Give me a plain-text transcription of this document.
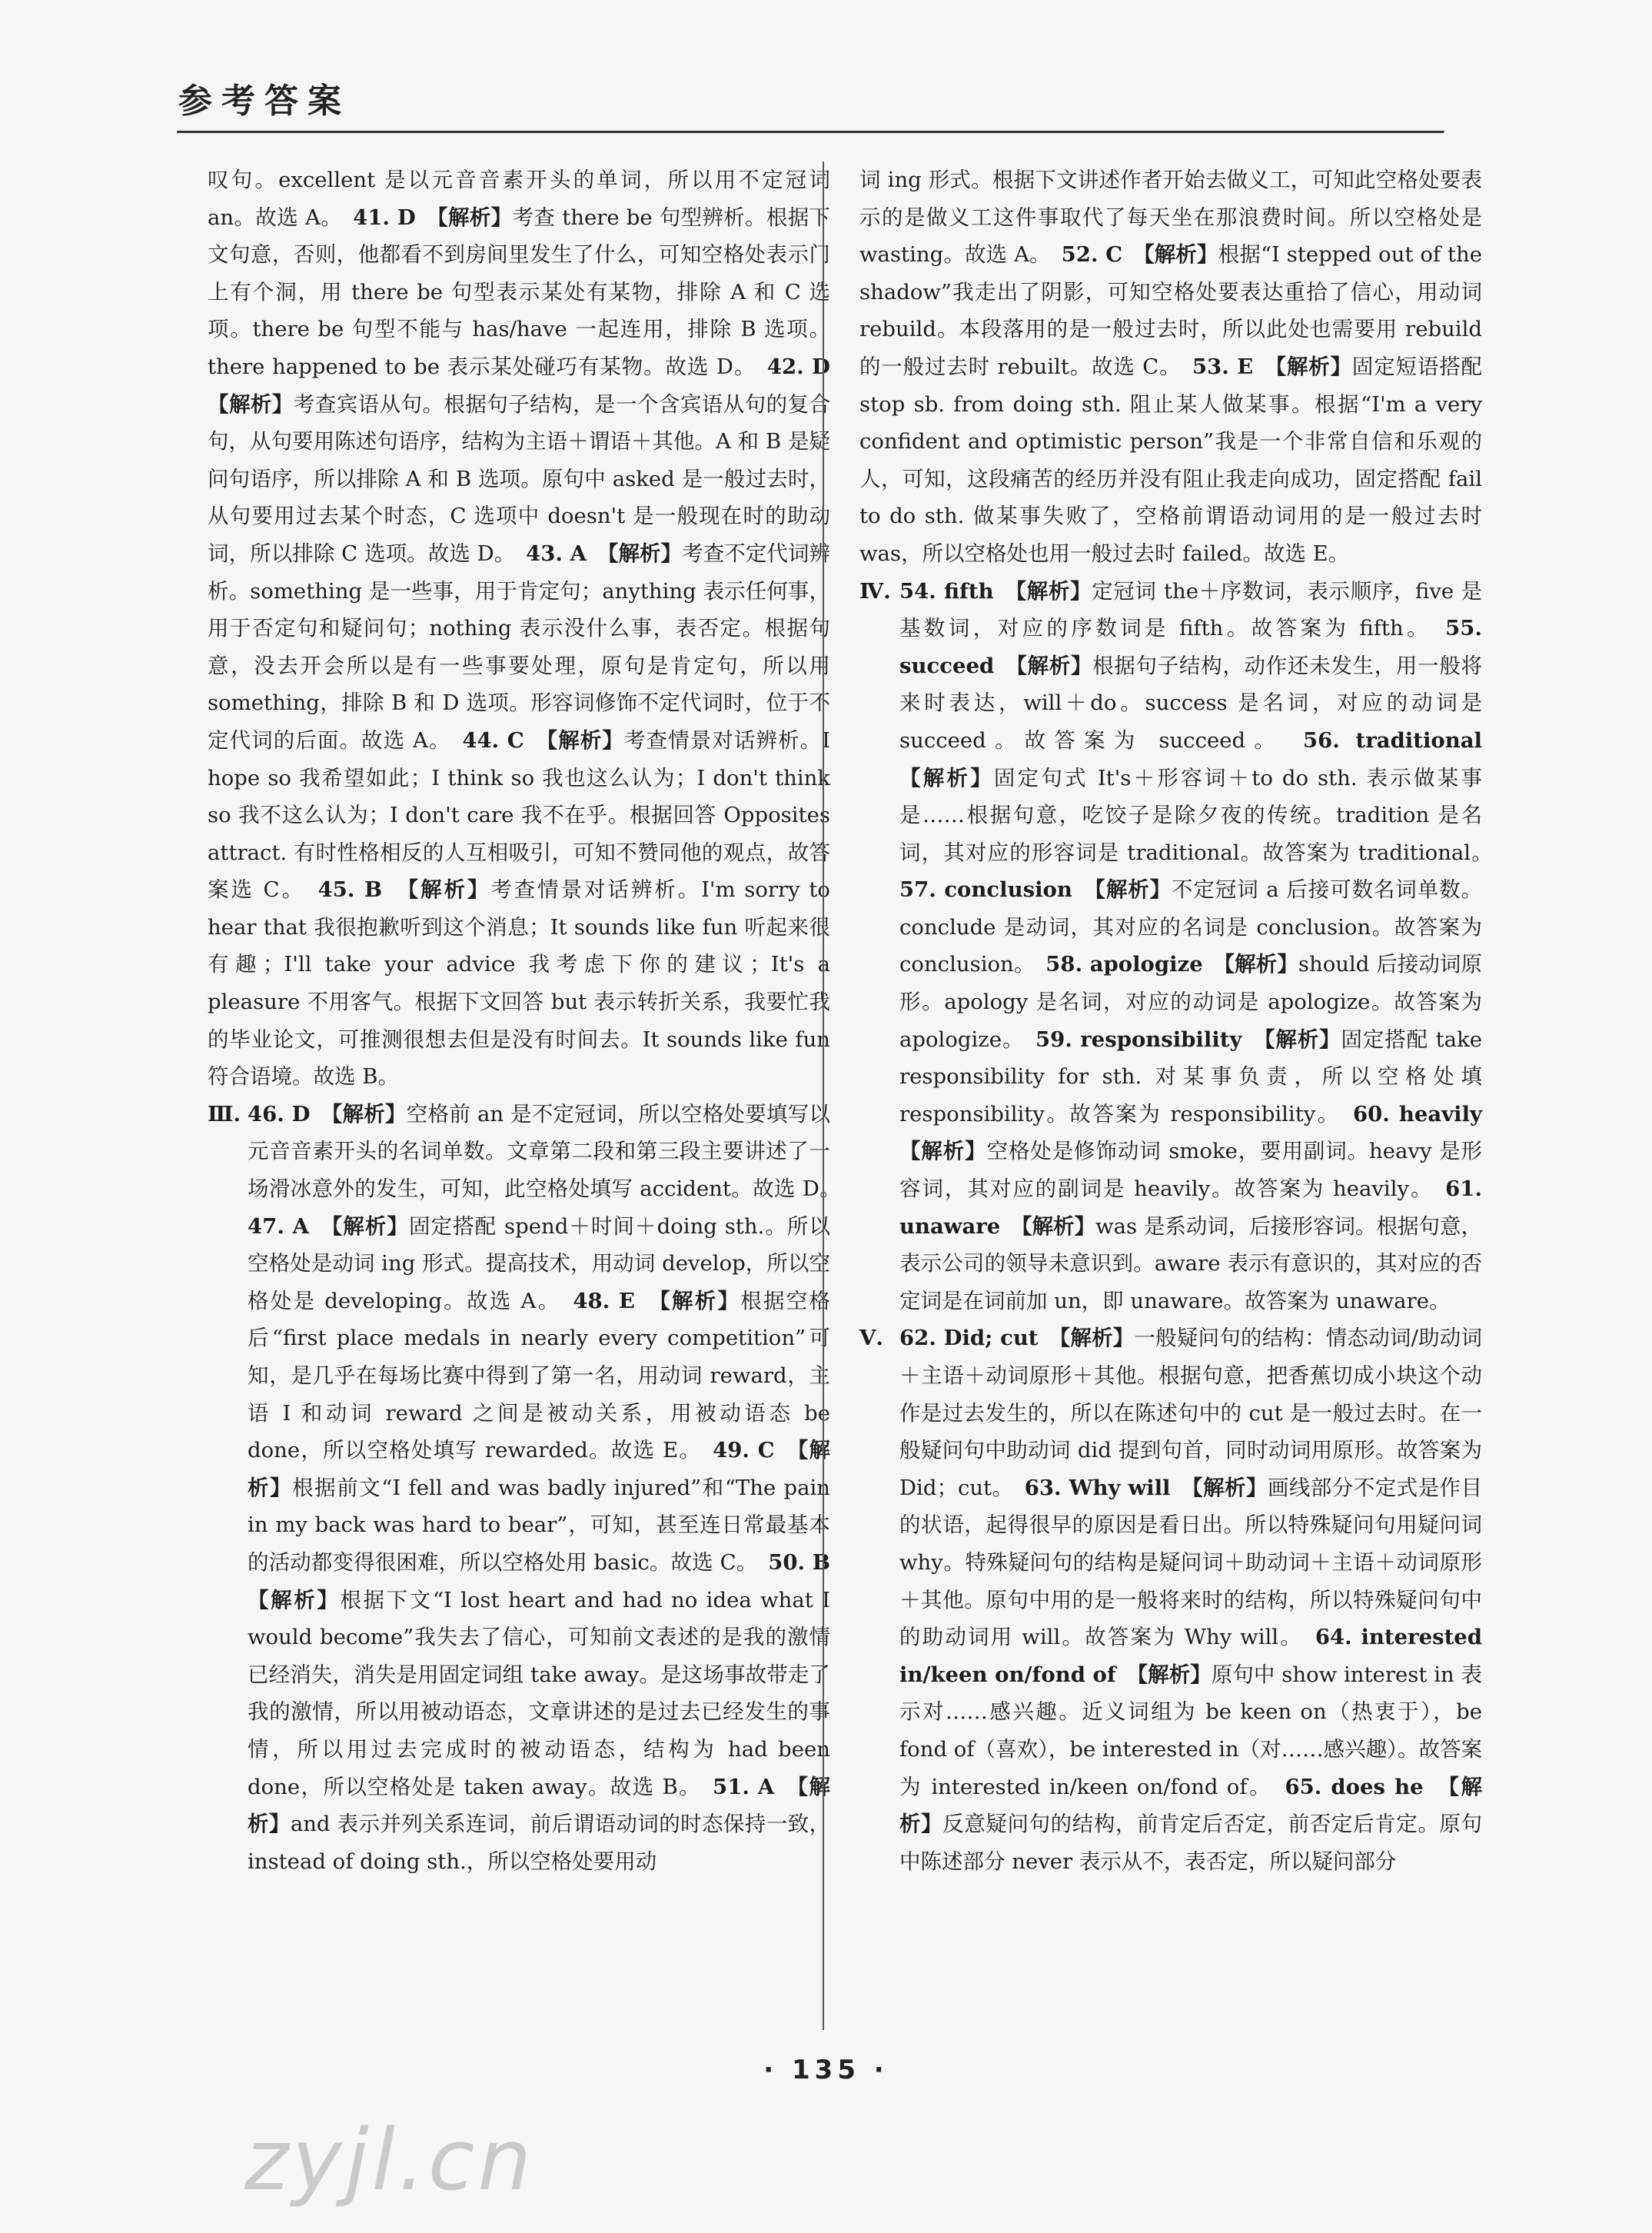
参考答案

叹句。excellent 是以元音音素开头的单词，所以用不定冠词 an。故选 A。　41. D　 【解析】考查 there be 句型辨析。根据下文句意，否则，他都看不到房间里发生了什么，可知空格处表示门上有个洞，用 there be 句型表示某处有某物，排除 A 和 C 选项。there be 句型不能与 has/have 一起连用，排除 B 选项。there happened to be 表示某处碰巧有某物。故选 D。　42. D　【解析】考查宾语从句。根据句子结构，是一个含宾语从句的复合句，从句要用陈述句语序，结构为主语＋谓语＋其他。A 和 B 是疑问句语序，所以排除 A 和 B 选项。原句中 asked 是一般过去时，从句要用过去某个时态，C 选项中 doesn't 是一般现在时的助动词，所以排除 C 选项。故选 D。　43. A　 【解析】考查不定代词辨析。something 是一些事，用于肯定句；anything 表示任何事，用于否定句和疑问句；nothing 表示没什么事，表否定。根据句意，没去开会所以是有一些事要处理，原句是肯定句，所以用 something，排除 B 和 D 选项。形容词修饰不定代词时，位于不定代词的后面。故选 A。　44. C　 【解析】考查情景对话辨析。I hope so 我希望如此；I think so 我也这么认为；I don't think so 我不这么认为；I don't care 我不在乎。根据回答 Opposites attract. 有时性格相反的人互相吸引，可知不赞同他的观点，故答案选 C。　45. B　 【解析】考查情景对话辨析。I'm sorry to hear that 我很抱歉听到这个消息；It sounds like fun 听起来很有趣；I'll take your advice 我考虑下你的建议；It's a pleasure 不用客气。根据下文回答 but 表示转折关系，我要忙我的毕业论文，可推测很想去但是没有时间去。It sounds like fun 符合语境。故选 B。

Ⅲ. 46. D　 【解析】空格前 an 是不定冠词，所以空格处要填写以元音音素开头的名词单数。文章第二段和第三段主要讲述了一场滑冰意外的发生，可知，此空格处填写 accident。故选 D。　47. A　 【解析】固定搭配 spend＋时间＋doing sth.。所以空格处是动词 ing 形式。提高技术，用动词 develop，所以空格处是 developing。故选 A。　48. E　 【解析】根据空格后“first place medals in nearly every competition”可知，是几乎在每场比赛中得到了第一名，用动词 reward，主语 I 和动词 reward 之间是被动关系，用被动语态 be done，所以空格处填写 rewarded。故选 E。　49. C　 【解析】根据前文“I fell and was badly injured”和“The pain in my back was hard to bear”，可知，甚至连日常最基本的活动都变得很困难，所以空格处用 basic。故选 C。　50. B　【解析】根据下文“I lost heart and had no idea what I would become”我失去了信心，可知前文表述的是我的激情已经消失，消失是用固定词组 take away。是这场事故带走了我的激情，所以用被动语态，文章讲述的是过去已经发生的事情，所以用过去完成时的被动语态，结构为 had been done，所以空格处是 taken away。故选 B。　51. A　 【解析】and 表示并列关系连词，前后谓语动词的时态保持一致，instead of doing sth.，所以空格处要用动

词 ing 形式。根据下文讲述作者开始去做义工，可知此空格处要表示的是做义工这件事取代了每天坐在那浪费时间。所以空格处是 wasting。故选 A。　52. C　 【解析】根据“I stepped out of the shadow”我走出了阴影，可知空格处要表达重拾了信心，用动词 rebuild。本段落用的是一般过去时，所以此处也需要用 rebuild 的一般过去时 rebuilt。故选 C。　53. E　 【解析】固定短语搭配 stop sb. from doing sth. 阻止某人做某事。根据“I'm a very confident and optimistic person”我是一个非常自信和乐观的人，可知，这段痛苦的经历并没有阻止我走向成功，固定搭配 fail to do sth. 做某事失败了，空格前谓语动词用的是一般过去时 was，所以空格处也用一般过去时 failed。故选 E。

Ⅳ. 54. fifth　 【解析】定冠词 the＋序数词，表示顺序，five 是基数词，对应的序数词是 fifth。故答案为 fifth。　55. succeed　 【解析】根据句子结构，动作还未发生，用一般将来时表达，will＋do。success 是名词，对应的动词是 succeed。故答案为 succeed。　56. traditional　【解析】固定句式 It's＋形容词＋to do sth. 表示做某事是……根据句意，吃饺子是除夕夜的传统。tradition 是名词，其对应的形容词是 traditional。故答案为 traditional。　57. conclusion　 【解析】不定冠词 a 后接可数名词单数。conclude 是动词，其对应的名词是 conclusion。故答案为 conclusion。　58. apologize　 【解析】should 后接动词原形。apology 是名词，对应的动词是 apologize。故答案为 apologize。　59. responsibility　 【解析】固定搭配 take responsibility for sth. 对某事负责，所以空格处填 responsibility。故答案为 responsibility。　60. heavily　【解析】空格处是修饰动词 smoke，要用副词。heavy 是形容词，其对应的副词是 heavily。故答案为 heavily。　61. unaware　 【解析】was 是系动词，后接形容词。根据句意，表示公司的领导未意识到。aware 表示有意识的，其对应的否定词是在词前加 un，即 unaware。故答案为 unaware。

Ⅴ. 62. Did; cut　 【解析】一般疑问句的结构：情态动词/助动词＋主语＋动词原形＋其他。根据句意，把香蕉切成小块这个动作是过去发生的，所以在陈述句中的 cut 是一般过去时。在一般疑问句中助动词 did 提到句首，同时动词用原形。故答案为 Did；cut。　63. Why will　 【解析】画线部分不定式是作目的状语，起得很早的原因是看日出。所以特殊疑问句用疑问词 why。特殊疑问句的结构是疑问词＋助动词＋主语＋动词原形＋其他。原句中用的是一般将来时的结构，所以特殊疑问句中的助动词用 will。故答案为 Why will。　64. interested in/keen on/fond of　 【解析】原句中 show interest in 表示对……感兴趣。近义词组为 be keen on（热衷于），be fond of（喜欢），be interested in（对……感兴趣）。故答案为 interested in/keen on/fond of。　65. does he　 【解析】反意疑问句的结构，前肯定后否定，前否定后肯定。原句中陈述部分 never 表示从不，表否定，所以疑问部分

· 135 ·
zyjl.cn
